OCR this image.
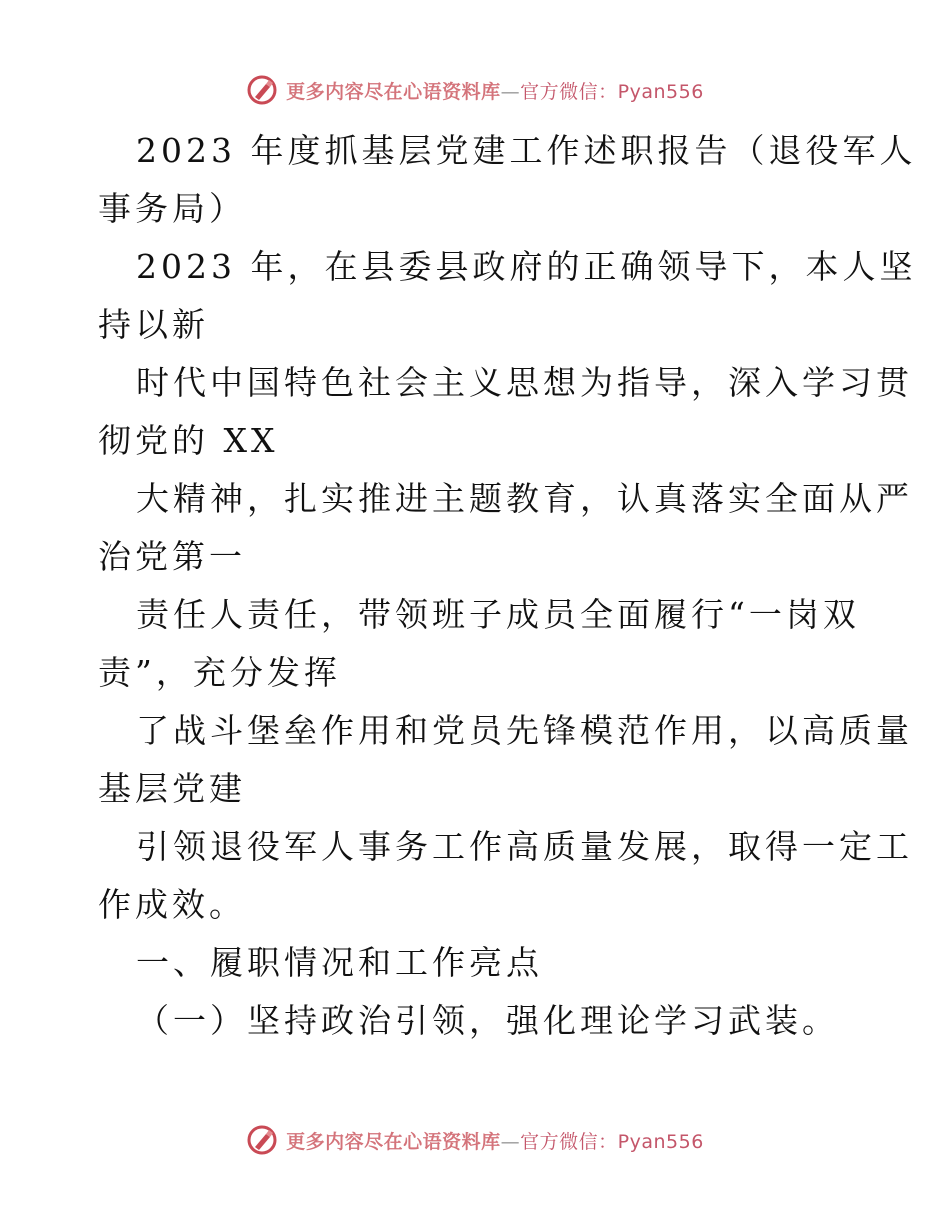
更多内容尽在心语资料库—官方微信：Pyan556
2023 年度抓基层党建工作述职报告（退役军人
事务局）
2023 年，在县委县政府的正确领导下，本人坚
持以新
时代中国特色社会主义思想为指导，深入学习贯
彻党的 XX
大精神，扎实推进主题教育，认真落实全面从严
治党第一
责任人责任，带领班子成员全面履行“一岗双
责”，充分发挥
了战斗堡垒作用和党员先锋模范作用，以高质量
基层党建
引领退役军人事务工作高质量发展，取得一定工
作成效。
一、履职情况和工作亮点
（一）坚持政治引领，强化理论学习武装。
更多内容尽在心语资料库—官方微信：Pyan556
